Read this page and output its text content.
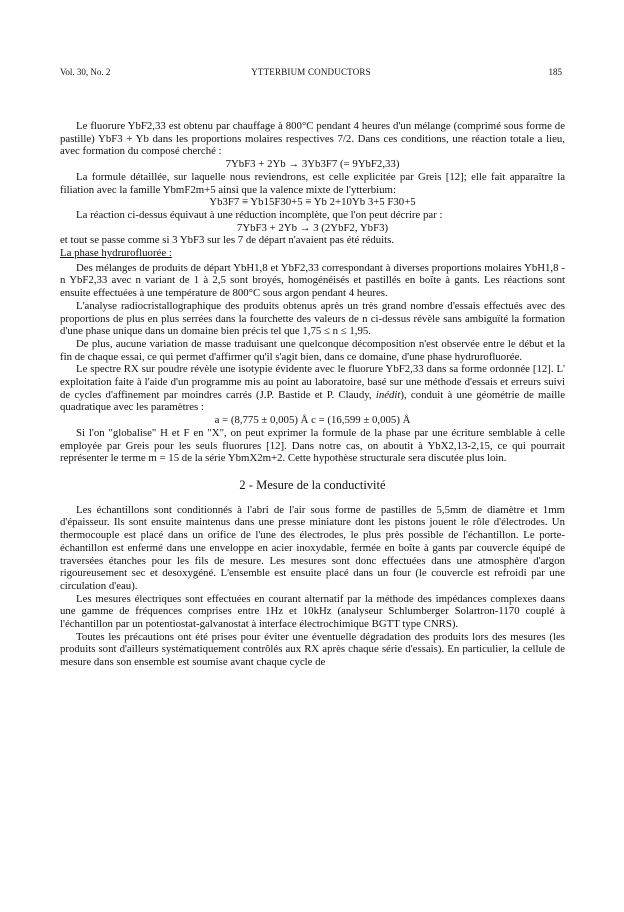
Vol. 30, No. 2	YTTERBIUM CONDUCTORS	185

Le fluorure YbF2,33 est obtenu par chauffage à 800°C pendant 4 heures d'un mélange (comprimé sous forme de pastille) YbF3 + Yb dans les proportions molaires respectives 7/2. Dans ces conditions, une réaction totale a lieu, avec formation du composé cherché :

7YbF3 + 2Yb → 3Yb3F7 (= 9YbF2,33)

La formule détaillée, sur laquelle nous reviendrons, est celle explicitée par Greis [12]; elle fait apparaître la filiation avec la famille YbmF2m+5 ainsi que la valence mixte de l'ytterbium:

Yb3F7 ≡ Yb15F30+5 ≡ Yb 2+10Yb 3+5 F30+5

La réaction ci-dessus équivaut à une réduction incomplète, que l'on peut décrire par :

7YbF3 + 2Yb → 3 (2YbF2, YbF3)

et tout se passe comme si 3 YbF3 sur les 7 de départ n'avaient pas été réduits.

La phase hydrurofluorée :

Des mélanges de produits de départ YbH1,8 et YbF2,33 correspondant à diverses proportions molaires YbH1,8 - n YbF2,33 avec n variant de 1 à 2,5 sont broyés, homogénéisés et pastillés en boîte à gants. Les réactions sont ensuite effectuées à une température de 800°C sous argon pendant 4 heures.

L'analyse radiocristallographique des produits obtenus après un très grand nombre d'essais effectués avec des proportions de plus en plus serrées dans la fourchette des valeurs de n ci-dessus révèle sans ambiguïté la formation d'une phase unique dans un domaine bien précis tel que 1,75 ≤ n ≤ 1,95.

De plus, aucune variation de masse traduisant une quelconque décomposition n'est observée entre le début et la fin de chaque essai, ce qui permet d'affirmer qu'il s'agit bien, dans ce domaine, d'une phase hydrurofluorée.

Le spectre RX sur poudre révèle une isotypie évidente avec le fluorure YbF2,33 dans sa forme ordonnée [12]. L' exploitation faite à l'aide d'un programme mis au point au laboratoire, basé sur une méthode d'essais et erreurs suivi de cycles d'affinement par moindres carrés (J.P. Bastide et P. Claudy, inédit), conduit à une géométrie de maille quadratique avec les paramètres :

a = (8,775 ± 0,005) Å c = (16,599 ± 0,005) Å

Si l'on "globalise" H et F en "X", on peut exprimer la formule de la phase par une écriture semblable à celle employée par Greis pour les seuls fluorures [12]. Dans notre cas, on aboutit à YbX2,13-2,15, ce qui pourrait représenter le terme m = 15 de la série YbmX2m+2. Cette hypothèse structurale sera discutée plus loin.

2 - Mesure de la conductivité

Les échantillons sont conditionnés à l'abri de l'air sous forme de pastilles de 5,5mm de diamètre et 1mm d'épaisseur. Ils sont ensuite maintenus dans une presse miniature dont les pistons jouent le rôle d'électrodes. Un thermocouple est placé dans un orifice de l'une des électrodes, le plus près possible de l'échantillon. Le porte-échantillon est enfermé dans une enveloppe en acier inoxydable, fermée en boîte à gants par couvercle équipé de traversées étanches pour les fils de mesure. Les mesures sont donc effectuées dans une atmosphère d'argon rigoureusement sec et desoxygéné. L'ensemble est ensuite placé dans un four (le couvercle est refroidi par une circulation d'eau).

Les mesures électriques sont effectuées en courant alternatif par la méthode des impédances complexes daans une gamme de fréquences comprises entre 1Hz et 10kHz (analyseur Schlumberger Solartron-1170 couplé à l'échantillon par un potentiostat-galvanostat à interface électrochimique BGTT type CNRS).

Toutes les précautions ont été prises pour éviter une éventuelle dégradation des produits lors des mesures (les produits sont d'ailleurs systématiquement contrôlés aux RX après chaque série d'essais). En particulier, la cellule de mesure dans son ensemble est soumise avant chaque cycle de
